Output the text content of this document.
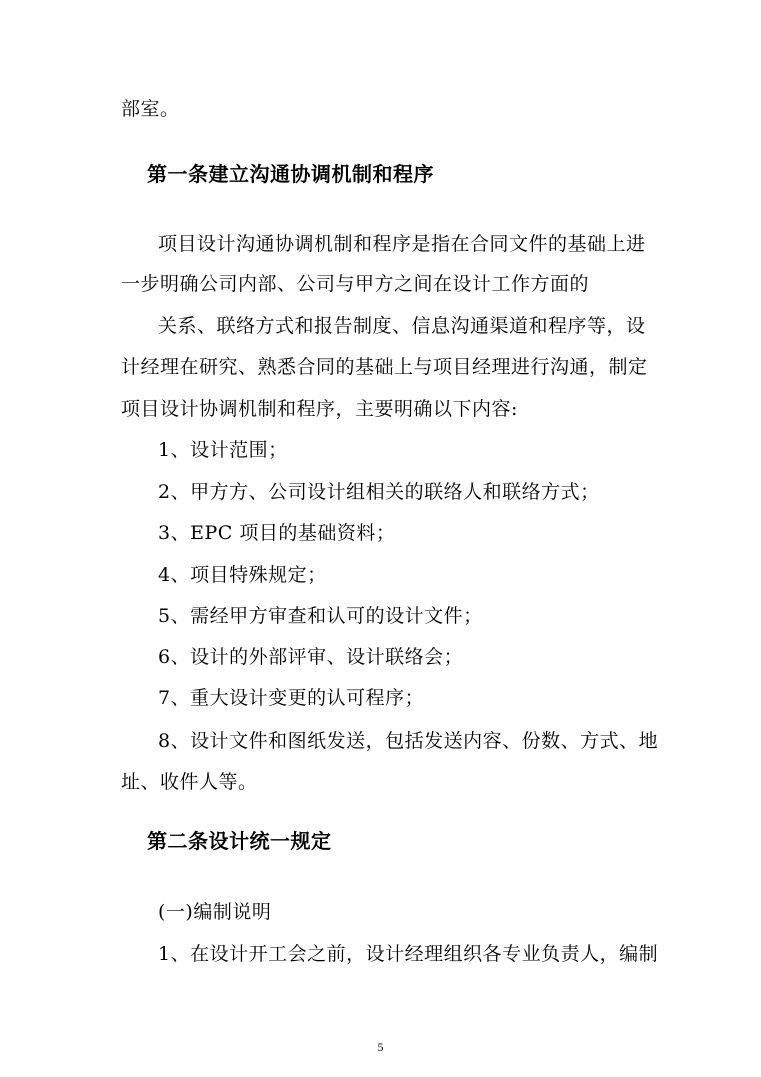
部室。
第一条建立沟通协调机制和程序
项目设计沟通协调机制和程序是指在合同文件的基础上进
一步明确公司内部、公司与甲方之间在设计工作方面的
关系、联络方式和报告制度、信息沟通渠道和程序等，设
计经理在研究、熟悉合同的基础上与项目经理进行沟通，制定
项目设计协调机制和程序，主要明确以下内容:
1、设计范围；
2、甲方方、公司设计组相关的联络人和联络方式；
3、EPC 项目的基础资料；
4、项目特殊规定；
5、需经甲方审查和认可的设计文件；
6、设计的外部评审、设计联络会；
7、重大设计变更的认可程序；
8、设计文件和图纸发送，包括发送内容、份数、方式、地
址、收件人等。
第二条设计统一规定
(一)编制说明
1、在设计开工会之前，设计经理组织各专业负责人，编制
5
